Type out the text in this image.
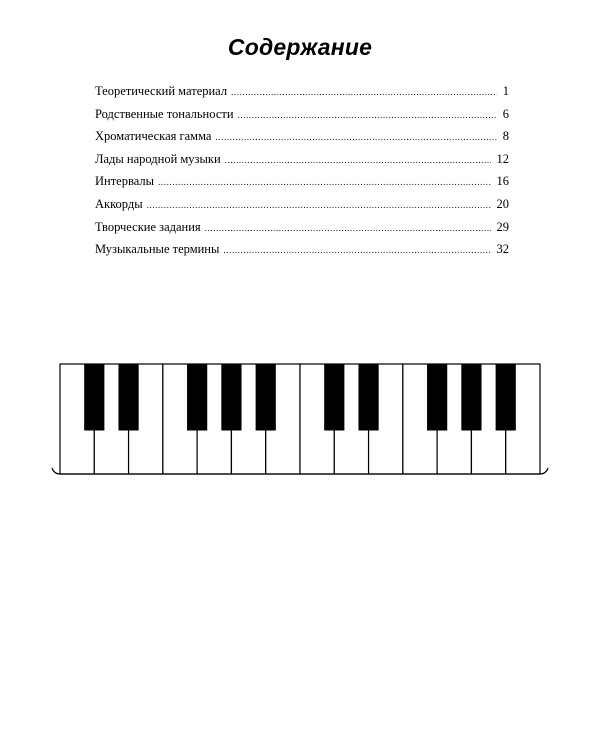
Содержание
Теоретический материал .....	1
Родственные тональности .....	6
Хроматическая гамма .....	8
Лады народной музыки .....	12
Интервалы .....	16
Аккорды .....	20
Творческие задания .....	29
Музыкальные термины .....	32
